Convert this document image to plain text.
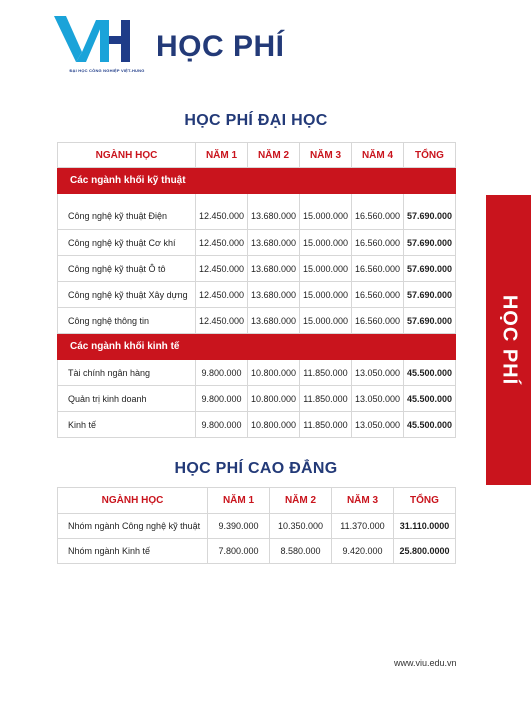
ĐẠI HỌC CÔNG NGHIỆP VIỆT-HUNG
HỌC PHÍ
HỌC PHÍ
HỌC PHÍ ĐẠI HỌC
NGÀNH HỌC	NĂM 1	NĂM 2	NĂM 3	NĂM 4	TỔNG
Các ngành khối kỹ thuật					
Công nghệ kỹ thuật Điện	12.450.000	13.680.000	15.000.000	16.560.000	57.690.000
Công nghệ kỹ thuật Cơ khí	12.450.000	13.680.000	15.000.000	16.560.000	57.690.000
Công nghệ kỹ thuật Ô tô	12.450.000	13.680.000	15.000.000	16.560.000	57.690.000
Công nghệ kỹ thuật Xây dựng	12.450.000	13.680.000	15.000.000	16.560.000	57.690.000
Công nghệ thông tin	12.450.000	13.680.000	15.000.000	16.560.000	57.690.000
Các ngành khối kinh tế					
Tài chính ngân hàng	9.800.000	10.800.000	11.850.000	13.050.000	45.500.000
Quản trị kinh doanh	9.800.000	10.800.000	11.850.000	13.050.000	45.500.000
Kinh tế	9.800.000	10.800.000	11.850.000	13.050.000	45.500.000
HỌC PHÍ CAO ĐẲNG
NGÀNH HỌC	NĂM 1	NĂM 2	NĂM 3	TỔNG
Nhóm ngành Công nghệ kỹ thuật	9.390.000	10.350.000	11.370.000	31.110.0000
Nhóm ngành Kinh tế	7.800.000	8.580.000	9.420.000	25.800.0000
www.viu.edu.vn
